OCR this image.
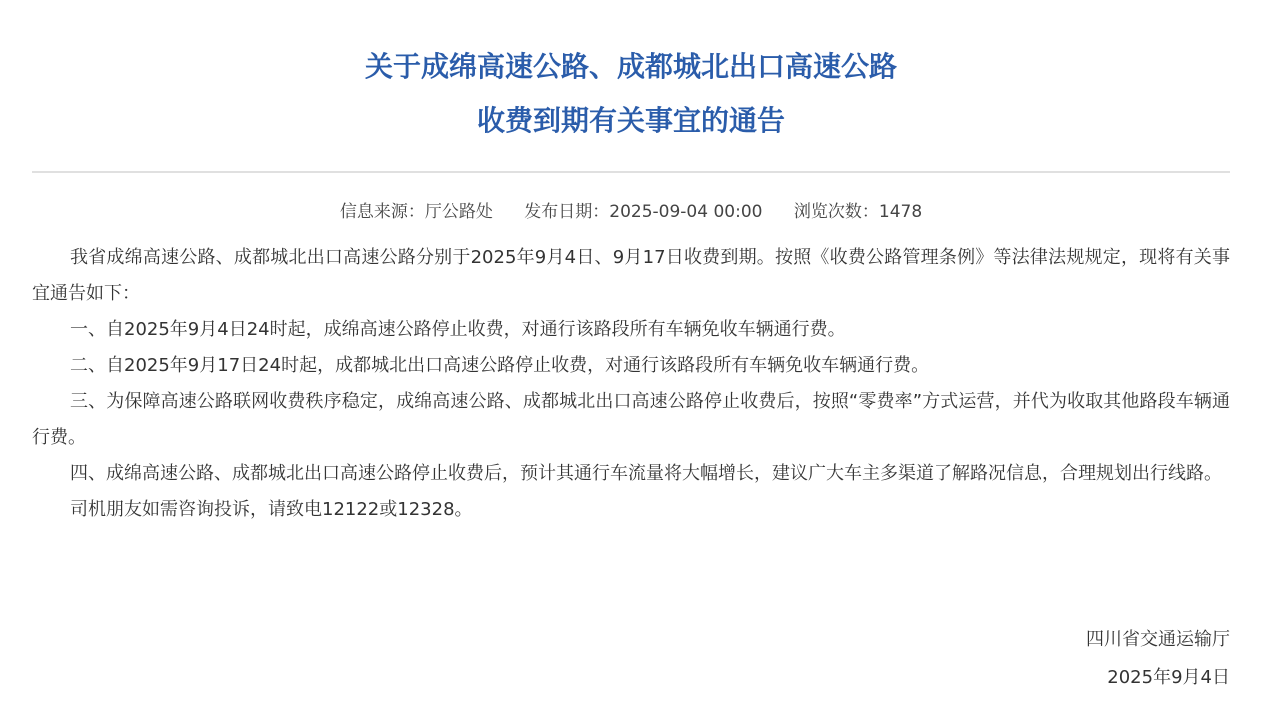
关于成绵高速公路、成都城北出口高速公路
收费到期有关事宜的通告
信息来源：厅公路处 发布日期：2025-09-04 00:00 浏览次数：1478

我省成绵高速公路、成都城北出口高速公路分别于2025年9月4日、9月17日收费到期。按照《收费公路管理条例》等法律法规规定，现将有关事宜通告如下：

一、自2025年9月4日24时起，成绵高速公路停止收费，对通行该路段所有车辆免收车辆通行费。

二、自2025年9月17日24时起，成都城北出口高速公路停止收费，对通行该路段所有车辆免收车辆通行费。

三、为保障高速公路联网收费秩序稳定，成绵高速公路、成都城北出口高速公路停止收费后，按照“零费率”方式运营，并代为收取其他路段车辆通行费。

四、成绵高速公路、成都城北出口高速公路停止收费后，预计其通行车流量将大幅增长，建议广大车主多渠道了解路况信息，合理规划出行线路。

司机朋友如需咨询投诉，请致电12122或12328。

四川省交通运输厅
2025年9月4日
